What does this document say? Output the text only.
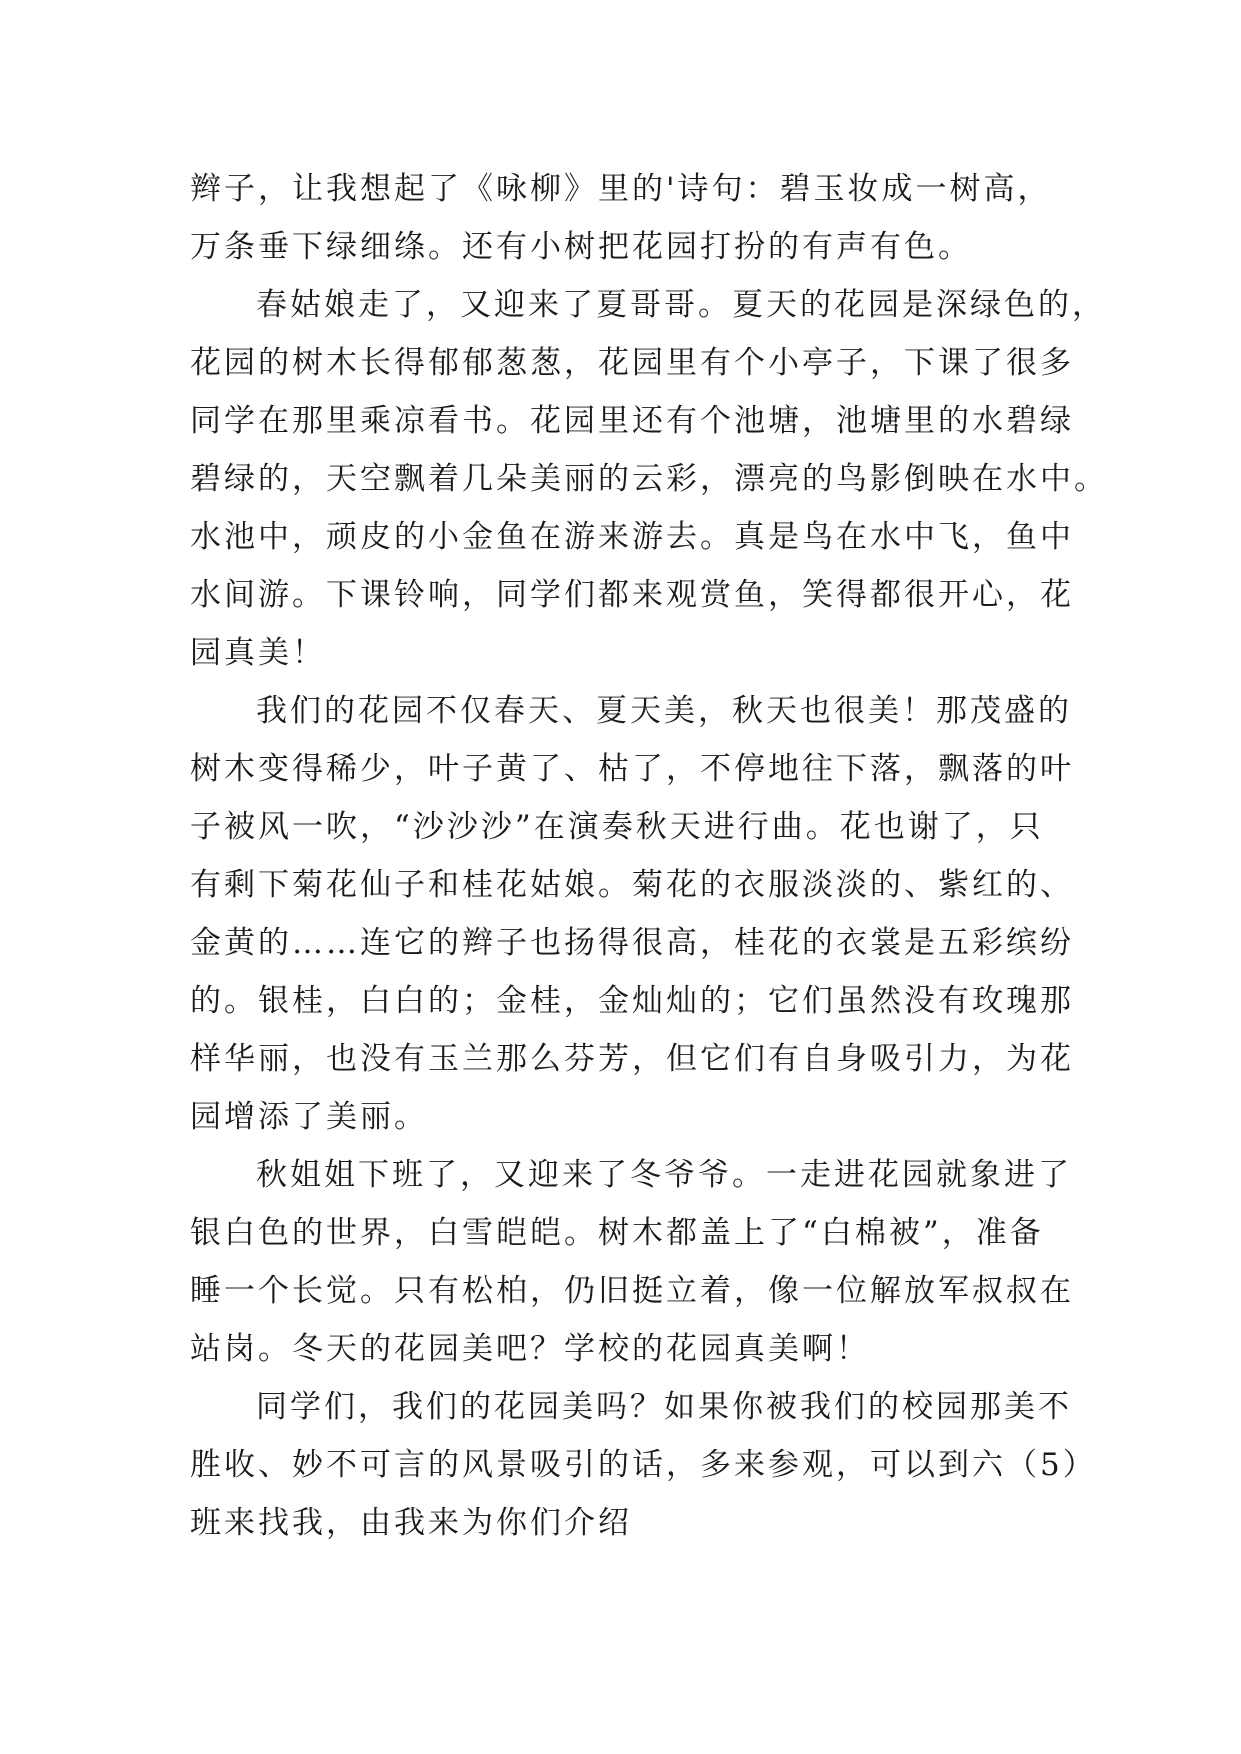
辫子，让我想起了《咏柳》里的'诗句：碧玉妆成一树高，
万条垂下绿细绦。还有小树把花园打扮的有声有色。
春姑娘走了，又迎来了夏哥哥。夏天的花园是深绿色的，
花园的树木长得郁郁葱葱，花园里有个小亭子，下课了很多
同学在那里乘凉看书。花园里还有个池塘，池塘里的水碧绿
碧绿的，天空飘着几朵美丽的云彩，漂亮的鸟影倒映在水中。
水池中，顽皮的小金鱼在游来游去。真是鸟在水中飞，鱼中
水间游。下课铃响，同学们都来观赏鱼，笑得都很开心，花
园真美！
我们的花园不仅春天、夏天美，秋天也很美！那茂盛的
树木变得稀少，叶子黄了、枯了，不停地往下落，飘落的叶
子被风一吹，“沙沙沙”在演奏秋天进行曲。花也谢了，只
有剩下菊花仙子和桂花姑娘。菊花的衣服淡淡的、紫红的、
金黄的……连它的辫子也扬得很高，桂花的衣裳是五彩缤纷
的。银桂，白白的；金桂，金灿灿的；它们虽然没有玫瑰那
样华丽，也没有玉兰那么芬芳，但它们有自身吸引力，为花
园增添了美丽。
秋姐姐下班了，又迎来了冬爷爷。一走进花园就象进了
银白色的世界，白雪皑皑。树木都盖上了“白棉被”，准备
睡一个长觉。只有松柏，仍旧挺立着，像一位解放军叔叔在
站岗。冬天的花园美吧？学校的花园真美啊！
同学们，我们的花园美吗？如果你被我们的校园那美不
胜收、妙不可言的风景吸引的话，多来参观，可以到六（5）
班来找我，由我来为你们介绍
